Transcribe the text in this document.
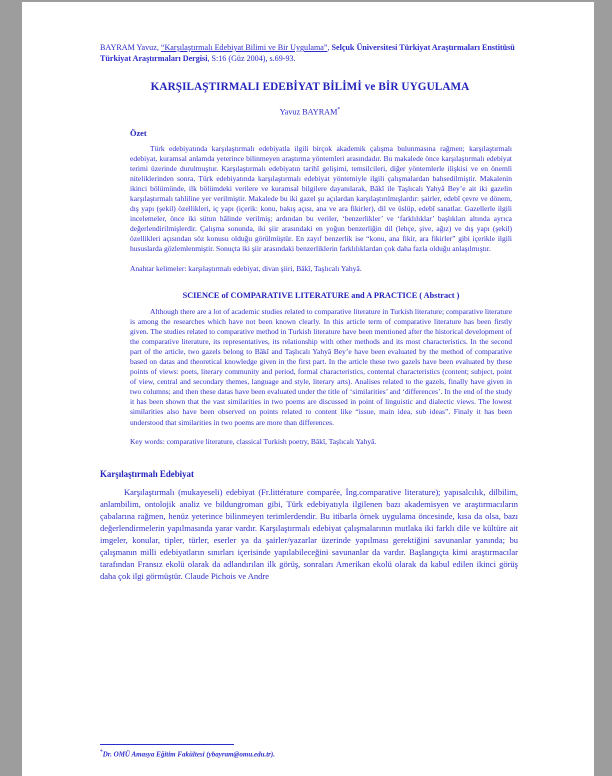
BAYRAM Yavuz, “Karşılaştırmalı Edebiyat Bilimi ve Bir Uygulama”, Selçuk Üniversitesi Türkiyat Araştırmaları Enstitüsü Türkiyat Araştırmaları Dergisi, S:16 (Güz 2004), s.69-93.

KARŞILAŞTIRMALI EDEBİYAT BİLİMİ ve BİR UYGULAMA

Yavuz BAYRAM*

Özet

Türk edebiyatında karşılaştırmalı edebiyatla ilgili birçok akademik çalışma bulunmasına rağmen; karşılaştırmalı edebiyat, kuramsal anlamda yeterince bilinmeyen araştırma yöntemleri arasındadır. Bu makalede önce karşılaştırmalı edebiyat terimi üzerinde durulmuştur. Karşılaştırmalı edebiyatın tarihî gelişimi, temsilcileri, diğer yöntemlerle ilişkisi ve en önemli niteliklerinden sonra, Türk edebiyatında karşılaştırmalı edebiyat yöntemiyle ilgili çalışmalardan bahsedilmiştir. Makalenin ikinci bölümünde, ilk bölümdeki verilere ve kuramsal bilgilere dayanılarak, Bâkî ile Taşlıcalı Yahyâ Bey’e ait iki gazelin karşılaştırmalı tahliline yer verilmiştir. Makalede bu iki gazel şu açılardan karşılaştırılmışlardır: şairler, edebî çevre ve dönem, dış yapı (şekil) özellikleri, iç yapı (içerik: konu, bakış açısı, ana ve ara fikirler), dil ve üslüp, edebî sanatlar. Gazellerle ilgili incelemeler, önce iki sütun hâlinde verilmiş; ardından bu veriler, ‘benzerlikler’ ve ‘farklılıklar’ başlıkları altında ayrıca değerlendirilmişlerdir. Çalışma sonunda, iki şiir arasındaki en yoğun benzerliğin dil (lehçe, şive, ağız) ve dış yapı (şekil) özellikleri açısından söz konusu olduğu görülmüştür. En zayıf benzerlik ise “konu, ana fikir, ara fikirler” gibi içerikle ilgili hususlarda gözlemlenmiştir. Sonuçta iki şiir arasındaki benzerliklerin farklılıklardan çok daha fazla olduğu anlaşılmıştır.

Anahtar kelimeler: karşılaştırmalı edebiyat, divan şiiri, Bâkî, Taşlıcalı Yahyâ.

SCIENCE of COMPARATIVE LITERATURE and A PRACTICE ( Abstract )

Although there are a lot of academic studies related to comparative literature in Turkish literature; comparative literature is among the researches which have not been known clearly. In this article term of comparative literature has been firstly given. The studies related to comparative method in Turkish literature have been mentioned after the historical development of the comparative literature, its representatives, its relationship with other methods and its most characteristics. In the second part of the article, two gazels belong to Bâkî and Taşlıcalı Yahyâ Bey’e have been evaluated by the method of comparative based on datas and theoretical knowledge given in the first part. In the article these two gazels have been evaluated by these points of views: poets, literary community and period, formal characteristics, contental characteristics (content; subject, point of view, central and secondary themes, language and style, literary arts). Analises related to the gazels, finally have given in two columns; and then these datas have been evaluated under the title of ‘similarities’ and ‘differences’. In the end of the study it has been shown that the vast similarities in two poems are discussed in point of linguistic and dialectic views. The lowest similarities also have been observed on points related to content like “issue, main idea, sub ideas”. Finaly it has been understood that similarities in two poems are more than differences.

Key words: comparative literature, classical Turkish poetry, Bâkî, Taşlıcalı Yahyâ.

Karşılaştırmalı Edebiyat

Karşılaştırmalı (mukayeseli) edebiyat (Fr.littérature comparée, İng.comparative literature); yapısalcılık, dilbilim, anlambilim, ontolojik analiz ve bildungroman gibi, Türk edebiyatıyla ilgilenen bazı akademisyen ve araştırmacıların çabalarına rağmen, henüz yeterince bilinmeyen terimlerdendir. Bu itibarla örnek uygulama öncesinde, kısa da olsa, bazı değerlendirmelerin yapılmasında yarar vardır. Karşılaştırmalı edebiyat çalışmalarının mutlaka iki farklı dile ve kültüre ait imgeler, konular, tipler, türler, eserler ya da şairler/yazarlar üzerinde yapılması gerektiğini savunanlar yanında; bu çalışmanın milli edebiyatların sınırları içerisinde yapılabileceğini savunanlar da vardır. Başlangıçta kimi araştırmacılar tarafından Fransız ekolü olarak da adlandırılan ilk görüş, sonraları Amerikan ekolü olarak da kabul edilen ikinci görüş daha çok ilgi görmüştür. Claude Pichois ve Andre

*Dr. OMÜ Amasya Eğitim Fakültesi (ybayram@omu.edu.tr).
